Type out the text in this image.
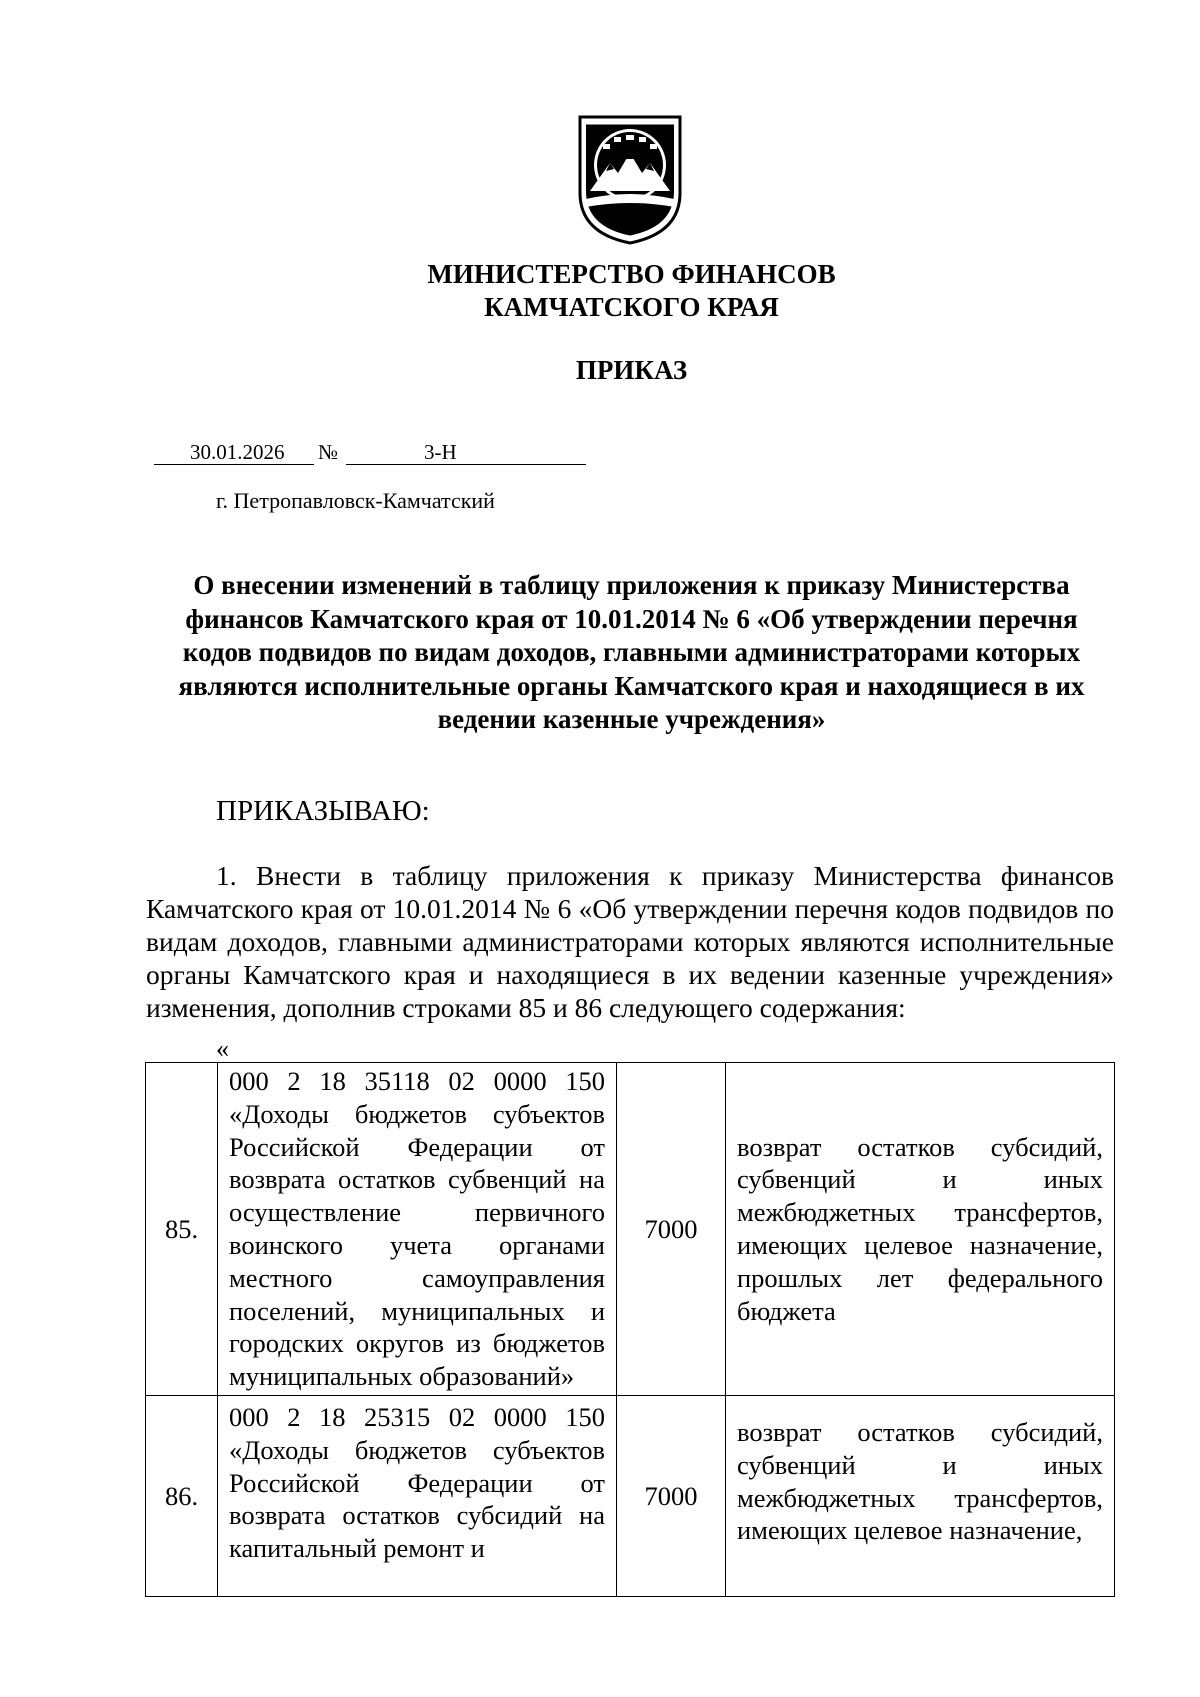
МИНИСТЕРСТВО ФИНАНСОВ
КАМЧАТСКОГО КРАЯ
ПРИКАЗ
30.01.2026 №	3-Н
г. Петропавловск-Камчатский
О внесении изменений в таблицу приложения к приказу Министерства финансов Камчатского края от 10.01.2014 № 6 «Об утверждении перечня кодов подвидов по видам доходов, главными администраторами которых являются исполнительные органы Камчатского края и находящиеся в их ведении казенные учреждения»
ПРИКАЗЫВАЮ:
1. Внести в таблицу приложения к приказу Министерства финансов Камчатского края от 10.01.2014 № 6 «Об утверждении перечня кодов подвидов по видам доходов, главными администраторами которых являются исполнительные органы Камчатского края и находящиеся в их ведении казенные учреждения» изменения, дополнив строками 85 и 86 следующего содержания:
«
85.	000 2 18 35118 02 0000 150 «Доходы бюджетов субъектов Российской Федерации от возврата остатков субвенций на осуществление первичного воинского учета органами местного самоуправления поселений, муниципальных и городских округов из бюджетов муниципальных образований»	7000	возврат остатков субсидий, субвенций и иных межбюджетных трансфертов, имеющих целевое назначение, прошлых лет федерального бюджета
86.	000 2 18 25315 02 0000 150 «Доходы бюджетов субъектов Российской Федерации от возврата остатков субсидий на капитальный ремонт и	7000	возврат остатков субсидий, субвенций и иных межбюджетных трансфертов, имеющих целевое назначение,
